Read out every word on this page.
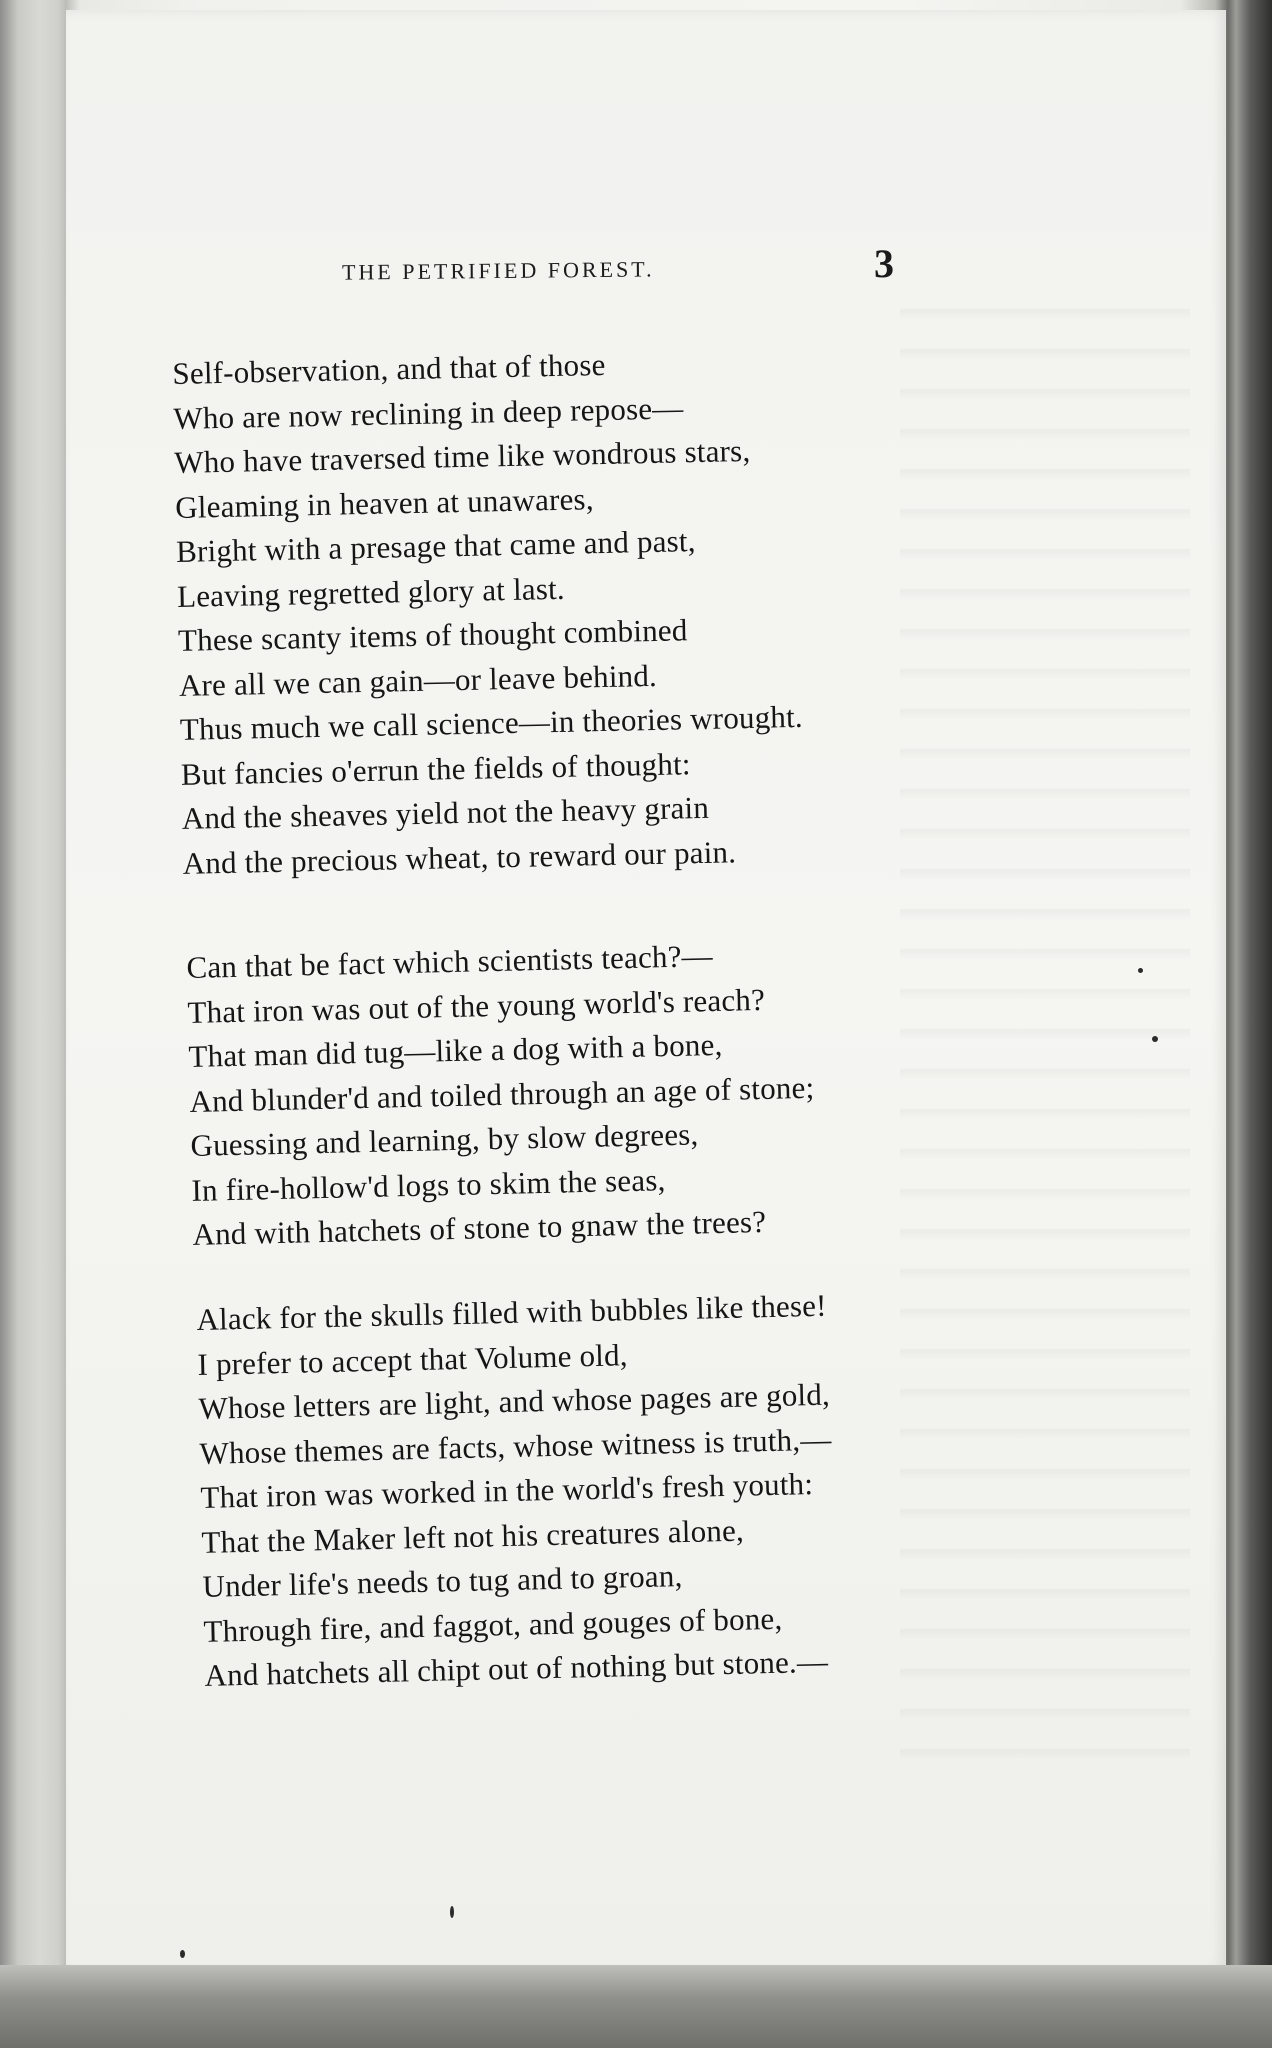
THE PETRIFIED FOREST.	3
Self-observation, and that of those
Who are now reclining in deep repose—
Who have traversed time like wondrous stars,
Gleaming in heaven at unawares,
Bright with a presage that came and past,
Leaving regretted glory at last.
These scanty items of thought combined
Are all we can gain—or leave behind.
Thus much we call science—in theories wrought.
But fancies o'errun the fields of thought:
And the sheaves yield not the heavy grain
And the precious wheat, to reward our pain.
Can that be fact which scientists teach?—
That iron was out of the young world's reach?
That man did tug—like a dog with a bone,
And blunder'd and toiled through an age of stone;
Guessing and learning, by slow degrees,
In fire-hollow'd logs to skim the seas,
And with hatchets of stone to gnaw the trees?
Alack for the skulls filled with bubbles like these!
I prefer to accept that Volume old,
Whose letters are light, and whose pages are gold,
Whose themes are facts, whose witness is truth,—
That iron was worked in the world's fresh youth:
That the Maker left not his creatures alone,
Under life's needs to tug and to groan,
Through fire, and faggot, and gouges of bone,
And hatchets all chipt out of nothing but stone.—
